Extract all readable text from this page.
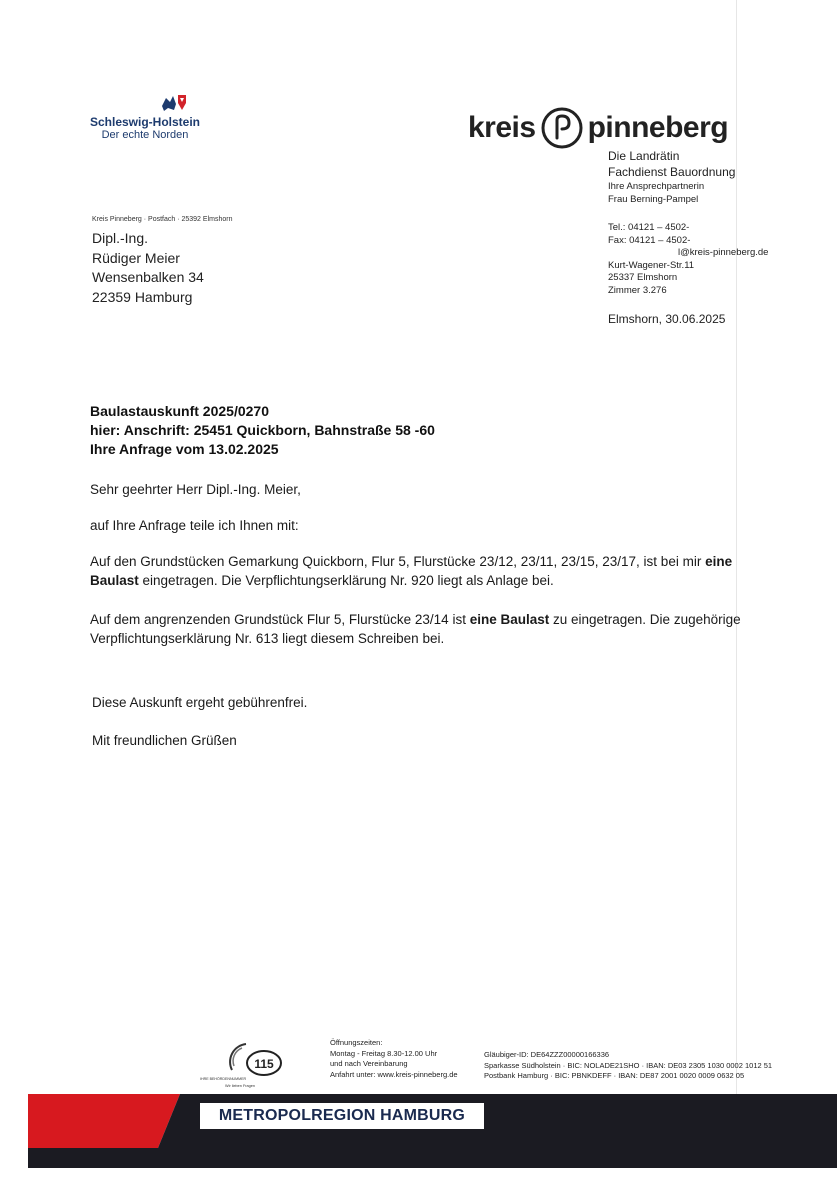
Schleswig-Holstein
Der echte Norden	kreis pinneberg
Die Landrätin
Fachdienst Bauordnung
Ihre Ansprechpartnerin
Frau Berning-Pampel
Tel.: 04121 – 4502-
Fax: 04121 – 4502-
l@kreis-pinneberg.de
Kurt-Wagener-Str.11
25337 Elmshorn
Zimmer 3.276
Elmshorn, 30.06.2025
Kreis Pinneberg · Postfach · 25392 Elmshorn
Dipl.-Ing.
Rüdiger Meier
Wensenbalken 34
22359 Hamburg
Baulastauskunft 2025/0270
hier: Anschrift: 25451 Quickborn, Bahnstraße 58 -60
Ihre Anfrage vom 13.02.2025
Sehr geehrter Herr Dipl.-Ing. Meier,
auf Ihre Anfrage teile ich Ihnen mit:
Auf den Grundstücken Gemarkung Quickborn, Flur 5, Flurstücke 23/12, 23/11, 23/15, 23/17, ist bei mir eine Baulast eingetragen. Die Verpflichtungserklärung Nr. 920 liegt als Anlage bei.
Auf dem angrenzenden Grundstück Flur 5, Flurstücke 23/14 ist eine Baulast zu eingetragen. Die zugehörige Verpflichtungserklärung Nr. 613 liegt diesem Schreiben bei.
Diese Auskunft ergeht gebührenfrei.
Mit freundlichen Grüßen
115
IHRE BEHÖRDENNUMMER
Wir lieben Fragen
Öffnungszeiten:
Montag - Freitag 8.30-12.00 Uhr
und nach Vereinbarung
Anfahrt unter: www.kreis-pinneberg.de
Gläubiger-ID: DE64ZZZ00000166336
Sparkasse Südholstein · BIC: NOLADE21SHO · IBAN: DE03 2305 1030 0002 1012 51
Postbank Hamburg · BIC: PBNKDEFF · IBAN: DE87 2001 0020 0009 0632 05
METROPOLREGION HAMBURG
